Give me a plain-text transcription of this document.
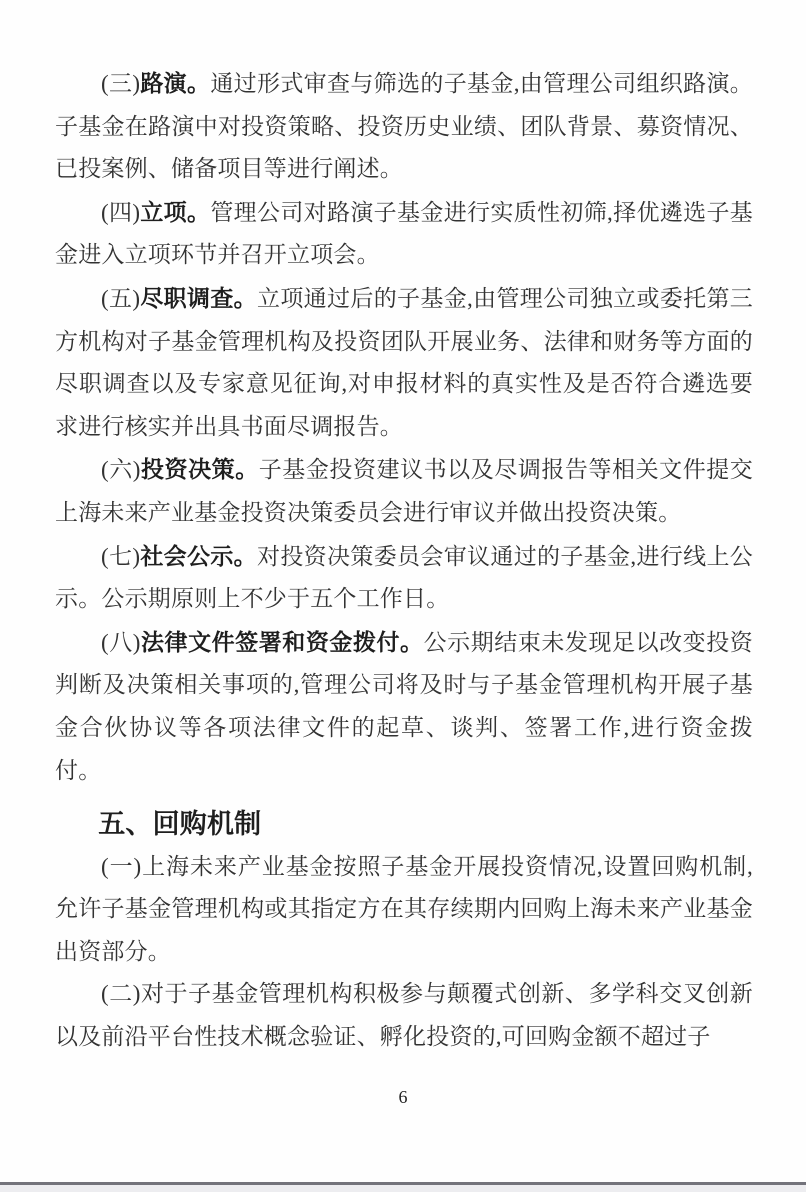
(三)路演。通过形式审查与筛选的子基金,由管理公司组织路演。子基金在路演中对投资策略、投资历史业绩、团队背景、募资情况、已投案例、储备项目等进行阐述。

(四)立项。管理公司对路演子基金进行实质性初筛,择优遴选子基金进入立项环节并召开立项会。

(五)尽职调查。立项通过后的子基金,由管理公司独立或委托第三方机构对子基金管理机构及投资团队开展业务、法律和财务等方面的尽职调查以及专家意见征询,对申报材料的真实性及是否符合遴选要求进行核实并出具书面尽调报告。

(六)投资决策。子基金投资建议书以及尽调报告等相关文件提交上海未来产业基金投资决策委员会进行审议并做出投资决策。

(七)社会公示。对投资决策委员会审议通过的子基金,进行线上公示。公示期原则上不少于五个工作日。

(八)法律文件签署和资金拨付。公示期结束未发现足以改变投资判断及决策相关事项的,管理公司将及时与子基金管理机构开展子基金合伙协议等各项法律文件的起草、谈判、签署工作,进行资金拨付。

五、回购机制

(一)上海未来产业基金按照子基金开展投资情况,设置回购机制,允许子基金管理机构或其指定方在其存续期内回购上海未来产业基金出资部分。

(二)对于子基金管理机构积极参与颠覆式创新、多学科交叉创新以及前沿平台性技术概念验证、孵化投资的,可回购金额不超过子

6
